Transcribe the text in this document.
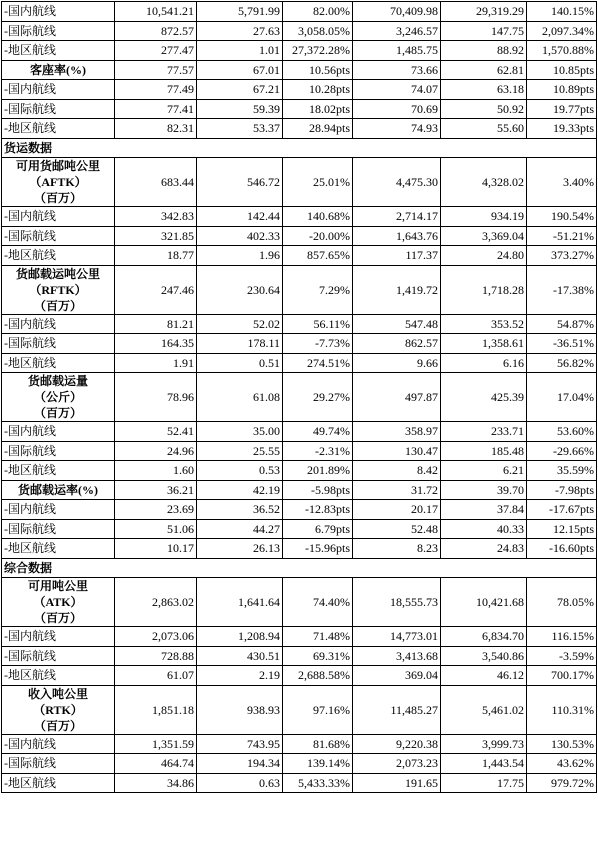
-国内航线	10,541.21	5,791.99	82.00%	70,409.98	29,319.29	140.15%
-国际航线	872.57	27.63	3,058.05%	3,246.57	147.75	2,097.34%
-地区航线	277.47	1.01	27,372.28%	1,485.75	88.92	1,570.88%

客座率(%)	77.57	67.01	10.56pts	73.66	62.81	10.85pts
-国内航线	77.49	67.21	10.28pts	74.07	63.18	10.89pts
-国际航线	77.41	59.39	18.02pts	70.69	50.92	19.77pts
-地区航线	82.31	53.37	28.94pts	74.93	55.60	19.33pts
货运数据						

可用货邮吨公里
（AFTK）
（百万）	683.44	546.72	25.01%	4,475.30	4,328.02	3.40%
-国内航线	342.83	142.44	140.68%	2,714.17	934.19	190.54%
-国际航线	321.85	402.33	-20.00%	1,643.76	3,369.04	-51.21%
-地区航线	18.77	1.96	857.65%	117.37	24.80	373.27%

货邮载运吨公里
（RFTK）
（百万）	247.46	230.64	7.29%	1,419.72	1,718.28	-17.38%
-国内航线	81.21	52.02	56.11%	547.48	353.52	54.87%
-国际航线	164.35	178.11	-7.73%	862.57	1,358.61	-36.51%
-地区航线	1.91	0.51	274.51%	9.66	6.16	56.82%

货邮载运量
（公斤）
（百万）	78.96	61.08	29.27%	497.87	425.39	17.04%
-国内航线	52.41	35.00	49.74%	358.97	233.71	53.60%
-国际航线	24.96	25.55	-2.31%	130.47	185.48	-29.66%
-地区航线	1.60	0.53	201.89%	8.42	6.21	35.59%

货邮载运率(%)	36.21	42.19	-5.98pts	31.72	39.70	-7.98pts
-国内航线	23.69	36.52	-12.83pts	20.17	37.84	-17.67pts
-国际航线	51.06	44.27	6.79pts	52.48	40.33	12.15pts
-地区航线	10.17	26.13	-15.96pts	8.23	24.83	-16.60pts
综合数据						

可用吨公里
（ATK）
（百万）	2,863.02	1,641.64	74.40%	18,555.73	10,421.68	78.05%
-国内航线	2,073.06	1,208.94	71.48%	14,773.01	6,834.70	116.15%
-国际航线	728.88	430.51	69.31%	3,413.68	3,540.86	-3.59%
-地区航线	61.07	2.19	2,688.58%	369.04	46.12	700.17%

收入吨公里
（RTK）
（百万）	1,851.18	938.93	97.16%	11,485.27	5,461.02	110.31%
-国内航线	1,351.59	743.95	81.68%	9,220.38	3,999.73	130.53%
-国际航线	464.74	194.34	139.14%	2,073.23	1,443.54	43.62%
-地区航线	34.86	0.63	5,433.33%	191.65	17.75	979.72%
